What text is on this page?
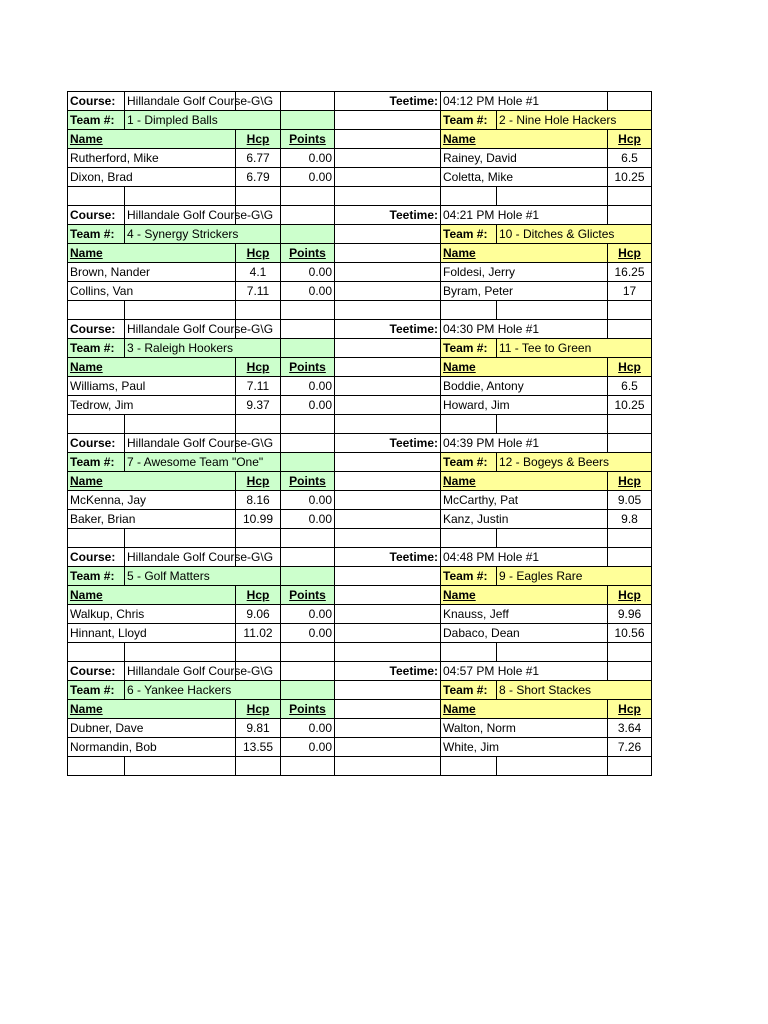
Course:	Hillandale Golf Course-G\G			Teetime:	04:12 PM Hole #1		
Team #:	1 - Dimpled Balls				Team #:	2 - Nine Hole Hackers	
Name		Hcp	Points		Name		Hcp
Rutherford, Mike		6.77	0.00		Rainey, David		6.5
Dixon, Brad		6.79	0.00		Coletta, Mike		10.25

Course:	Hillandale Golf Course-G\G			Teetime:	04:21 PM Hole #1		
Team #:	4 - Synergy Strickers				Team #:	10 - Ditches & Glictes	
Name		Hcp	Points		Name		Hcp
Brown, Nander		4.1	0.00		Foldesi, Jerry		16.25
Collins, Van		7.11	0.00		Byram, Peter		17

Course:	Hillandale Golf Course-G\G			Teetime:	04:30 PM Hole #1		
Team #:	3 - Raleigh Hookers				Team #:	11 - Tee to Green	
Name		Hcp	Points		Name		Hcp
Williams, Paul		7.11	0.00		Boddie, Antony		6.5
Tedrow, Jim		9.37	0.00		Howard, Jim		10.25

Course:	Hillandale Golf Course-G\G			Teetime:	04:39 PM Hole #1		
Team #:	7 - Awesome Team "One"				Team #:	12 - Bogeys & Beers	
Name		Hcp	Points		Name		Hcp
McKenna, Jay		8.16	0.00		McCarthy, Pat		9.05
Baker, Brian		10.99	0.00		Kanz, Justin		9.8

Course:	Hillandale Golf Course-G\G			Teetime:	04:48 PM Hole #1		
Team #:	5 - Golf Matters				Team #:	9 - Eagles Rare	
Name		Hcp	Points		Name		Hcp
Walkup, Chris		9.06	0.00		Knauss, Jeff		9.96
Hinnant, Lloyd		11.02	0.00		Dabaco, Dean		10.56

Course:	Hillandale Golf Course-G\G			Teetime:	04:57 PM Hole #1		
Team #:	6 - Yankee Hackers				Team #:	8 - Short Stackes	
Name		Hcp	Points		Name		Hcp
Dubner, Dave		9.81	0.00		Walton, Norm		3.64
Normandin, Bob		13.55	0.00		White, Jim		7.26
